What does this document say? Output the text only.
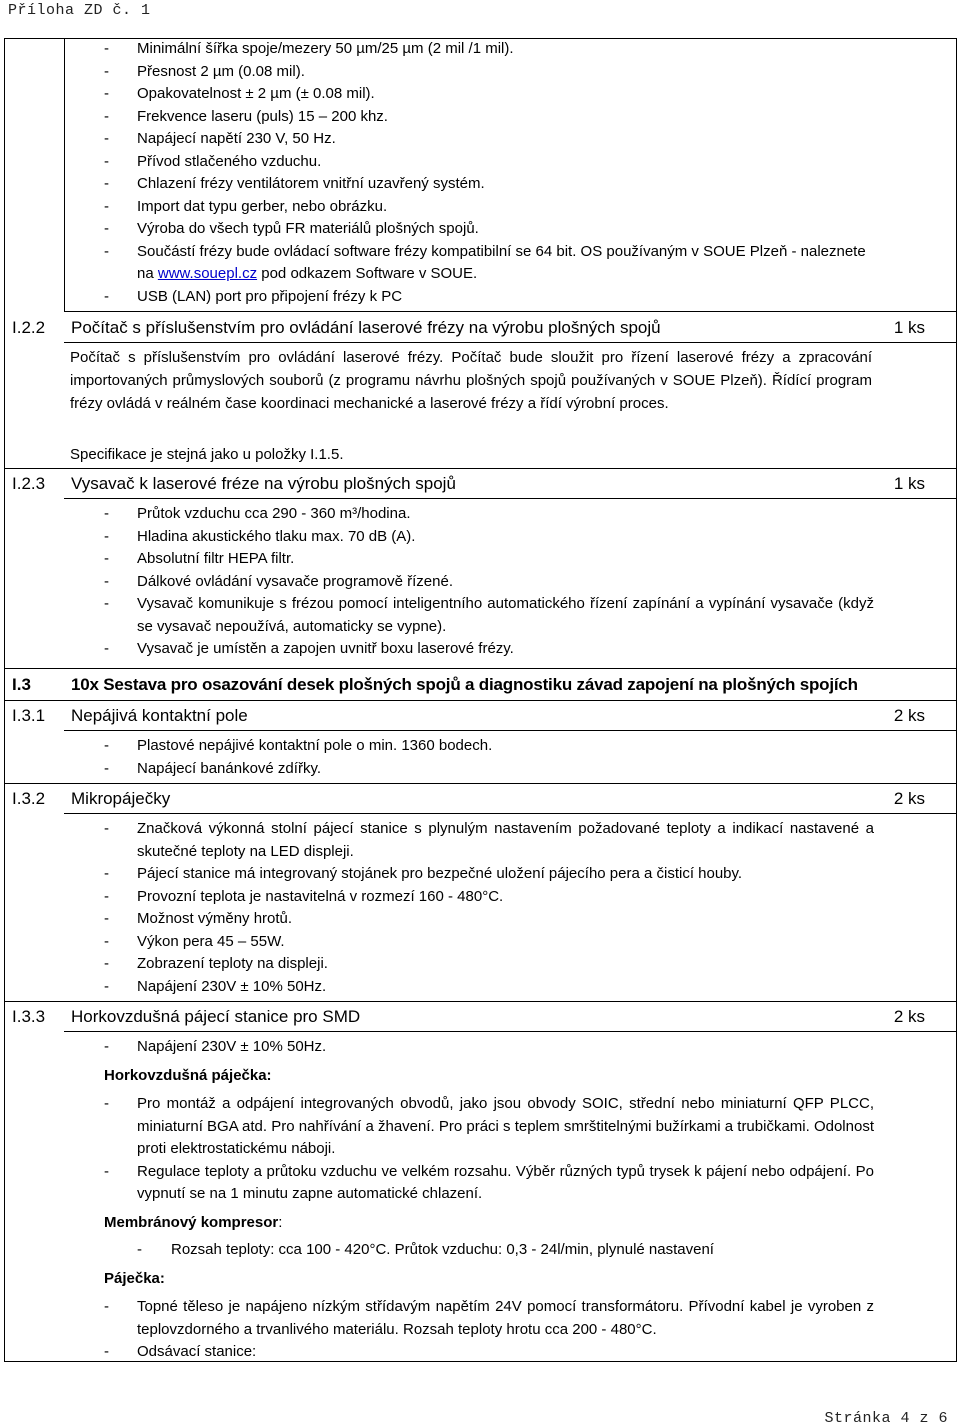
Příloha ZD č. 1
- Minimální šířka spoje/mezery 50 µm/25 µm (2 mil /1 mil).
- Přesnost 2 µm (0.08 mil).
- Opakovatelnost ± 2 µm (± 0.08 mil).
- Frekvence laseru (puls) 15 – 200 khz.
- Napájecí napětí 230 V, 50 Hz.
- Přívod stlačeného vzduchu.
- Chlazení frézy ventilátorem vnitřní uzavřený systém.
- Import dat typu gerber, nebo obrázku.
- Výroba do všech typů FR materiálů plošných spojů.
- Součástí frézy bude ovládací software frézy kompatibilní se 64 bit. OS používaným v SOUE Plzeň - naleznete na www.souepl.cz pod odkazem Software v SOUE.
- USB (LAN) port pro připojení frézy k PC
I.2.2 Počítač s příslušenstvím pro ovládání laserové frézy na výrobu plošných spojů	1 ks
Počítač s příslušenstvím pro ovládání laserové frézy. Počítač bude sloužit pro řízení laserové frézy a zpracování importovaných průmyslových souborů (z programu návrhu plošných spojů používaných v SOUE Plzeň). Řídící program frézy ovládá v reálném čase koordinaci mechanické a laserové frézy a řídí výrobní proces.
Specifikace je stejná jako u položky I.1.5.
I.2.3 Vysavač k laserové fréze na výrobu plošných spojů	1 ks
- Průtok vzduchu cca 290 - 360 m³/hodina.
- Hladina akustického tlaku max. 70 dB (A).
- Absolutní filtr HEPA filtr.
- Dálkové ovládání vysavače programově řízené.
- Vysavač komunikuje s frézou pomocí inteligentního automatického řízení zapínání a vypínání vysavače (když se vysavač nepoužívá, automaticky se vypne).
- Vysavač je umístěn a zapojen uvnitř boxu laserové frézy.
I.3 10x Sestava pro osazování desek plošných spojů a diagnostiku závad zapojení na plošných spojích
I.3.1 Nepájivá kontaktní pole	2 ks
- Plastové nepájivé kontaktní pole o min. 1360 bodech.
- Napájecí banánkové zdířky.
I.3.2 Mikropáječky	2 ks
- Značková výkonná stolní pájecí stanice s plynulým nastavením požadované teploty a indikací nastavené a skutečné teploty na LED displeji.
- Pájecí stanice má integrovaný stojánek pro bezpečné uložení pájecího pera a čisticí houby.
- Provozní teplota je nastavitelná v rozmezí 160 - 480°C.
- Možnost výměny hrotů.
- Výkon pera 45 – 55W.
- Zobrazení teploty na displeji.
- Napájení 230V ± 10% 50Hz.
I.3.3 Horkovzdušná pájecí stanice pro SMD	2 ks
- Napájení 230V ± 10% 50Hz.
Horkovzdušná páječka:
- Pro montáž a odpájení integrovaných obvodů, jako jsou obvody SOIC, střední nebo miniaturní QFP PLCC, miniaturní BGA atd. Pro nahřívání a žhavení. Pro práci s teplem smrštitelnými bužírkami a trubičkami. Odolnost proti elektrostatickému náboji.
- Regulace teploty a průtoku vzduchu ve velkém rozsahu. Výběr různých typů trysek k pájení nebo odpájení. Po vypnutí se na 1 minutu zapne automatické chlazení.
Membránový kompresor:
- Rozsah teploty: cca 100 - 420°C. Průtok vzduchu: 0,3 - 24l/min, plynulé nastavení
Páječka:
- Topné těleso je napájeno nízkým střídavým napětím 24V pomocí transformátoru. Přívodní kabel je vyroben z teplovzdorného a trvanlivého materiálu. Rozsah teploty hrotu cca 200 - 480°C.
- Odsávací stanice:
Stránka 4 z 6
